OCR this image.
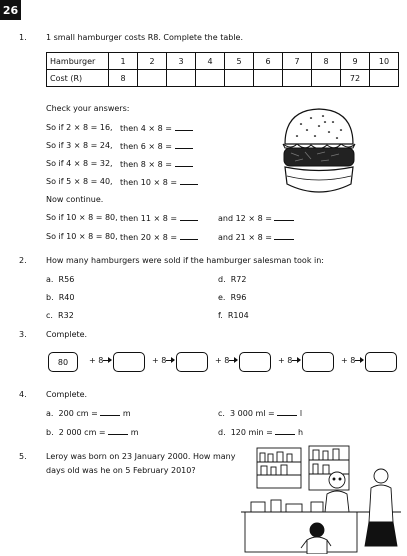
26
1. 1 small hamburger costs R8. Complete the table.
Hamburger	1	2	3	4	5	6	7	8	9	10
Cost (R)	8								72	
Check your answers:
So if 2 × 8 = 16, then 4 × 8 =
So if 3 × 8 = 24, then 6 × 8 =
So if 4 × 8 = 32, then 8 × 8 =
So if 5 × 8 = 40, then 10 × 8 =
Now continue.
So if 10 × 8 = 80, then 11 × 8 =	and 12 × 8 =
So if 10 × 8 = 80, then 20 × 8 =	and 21 × 8 =
2. How many hamburgers were sold if the hamburger salesman took in:
a. R56	d. R72
b. R40	e. R96
c. R32	f. R104
3. Complete.
80	+ 8	+ 8	+ 8	+ 8	+ 8
4. Complete.
a. 200 cm =	m	c. 3 000 ml =	l
b. 2 000 cm =	m	d. 120 min =	h
5. Leroy was born on 23 January 2000. How many
days old was he on 5 February 2010?
